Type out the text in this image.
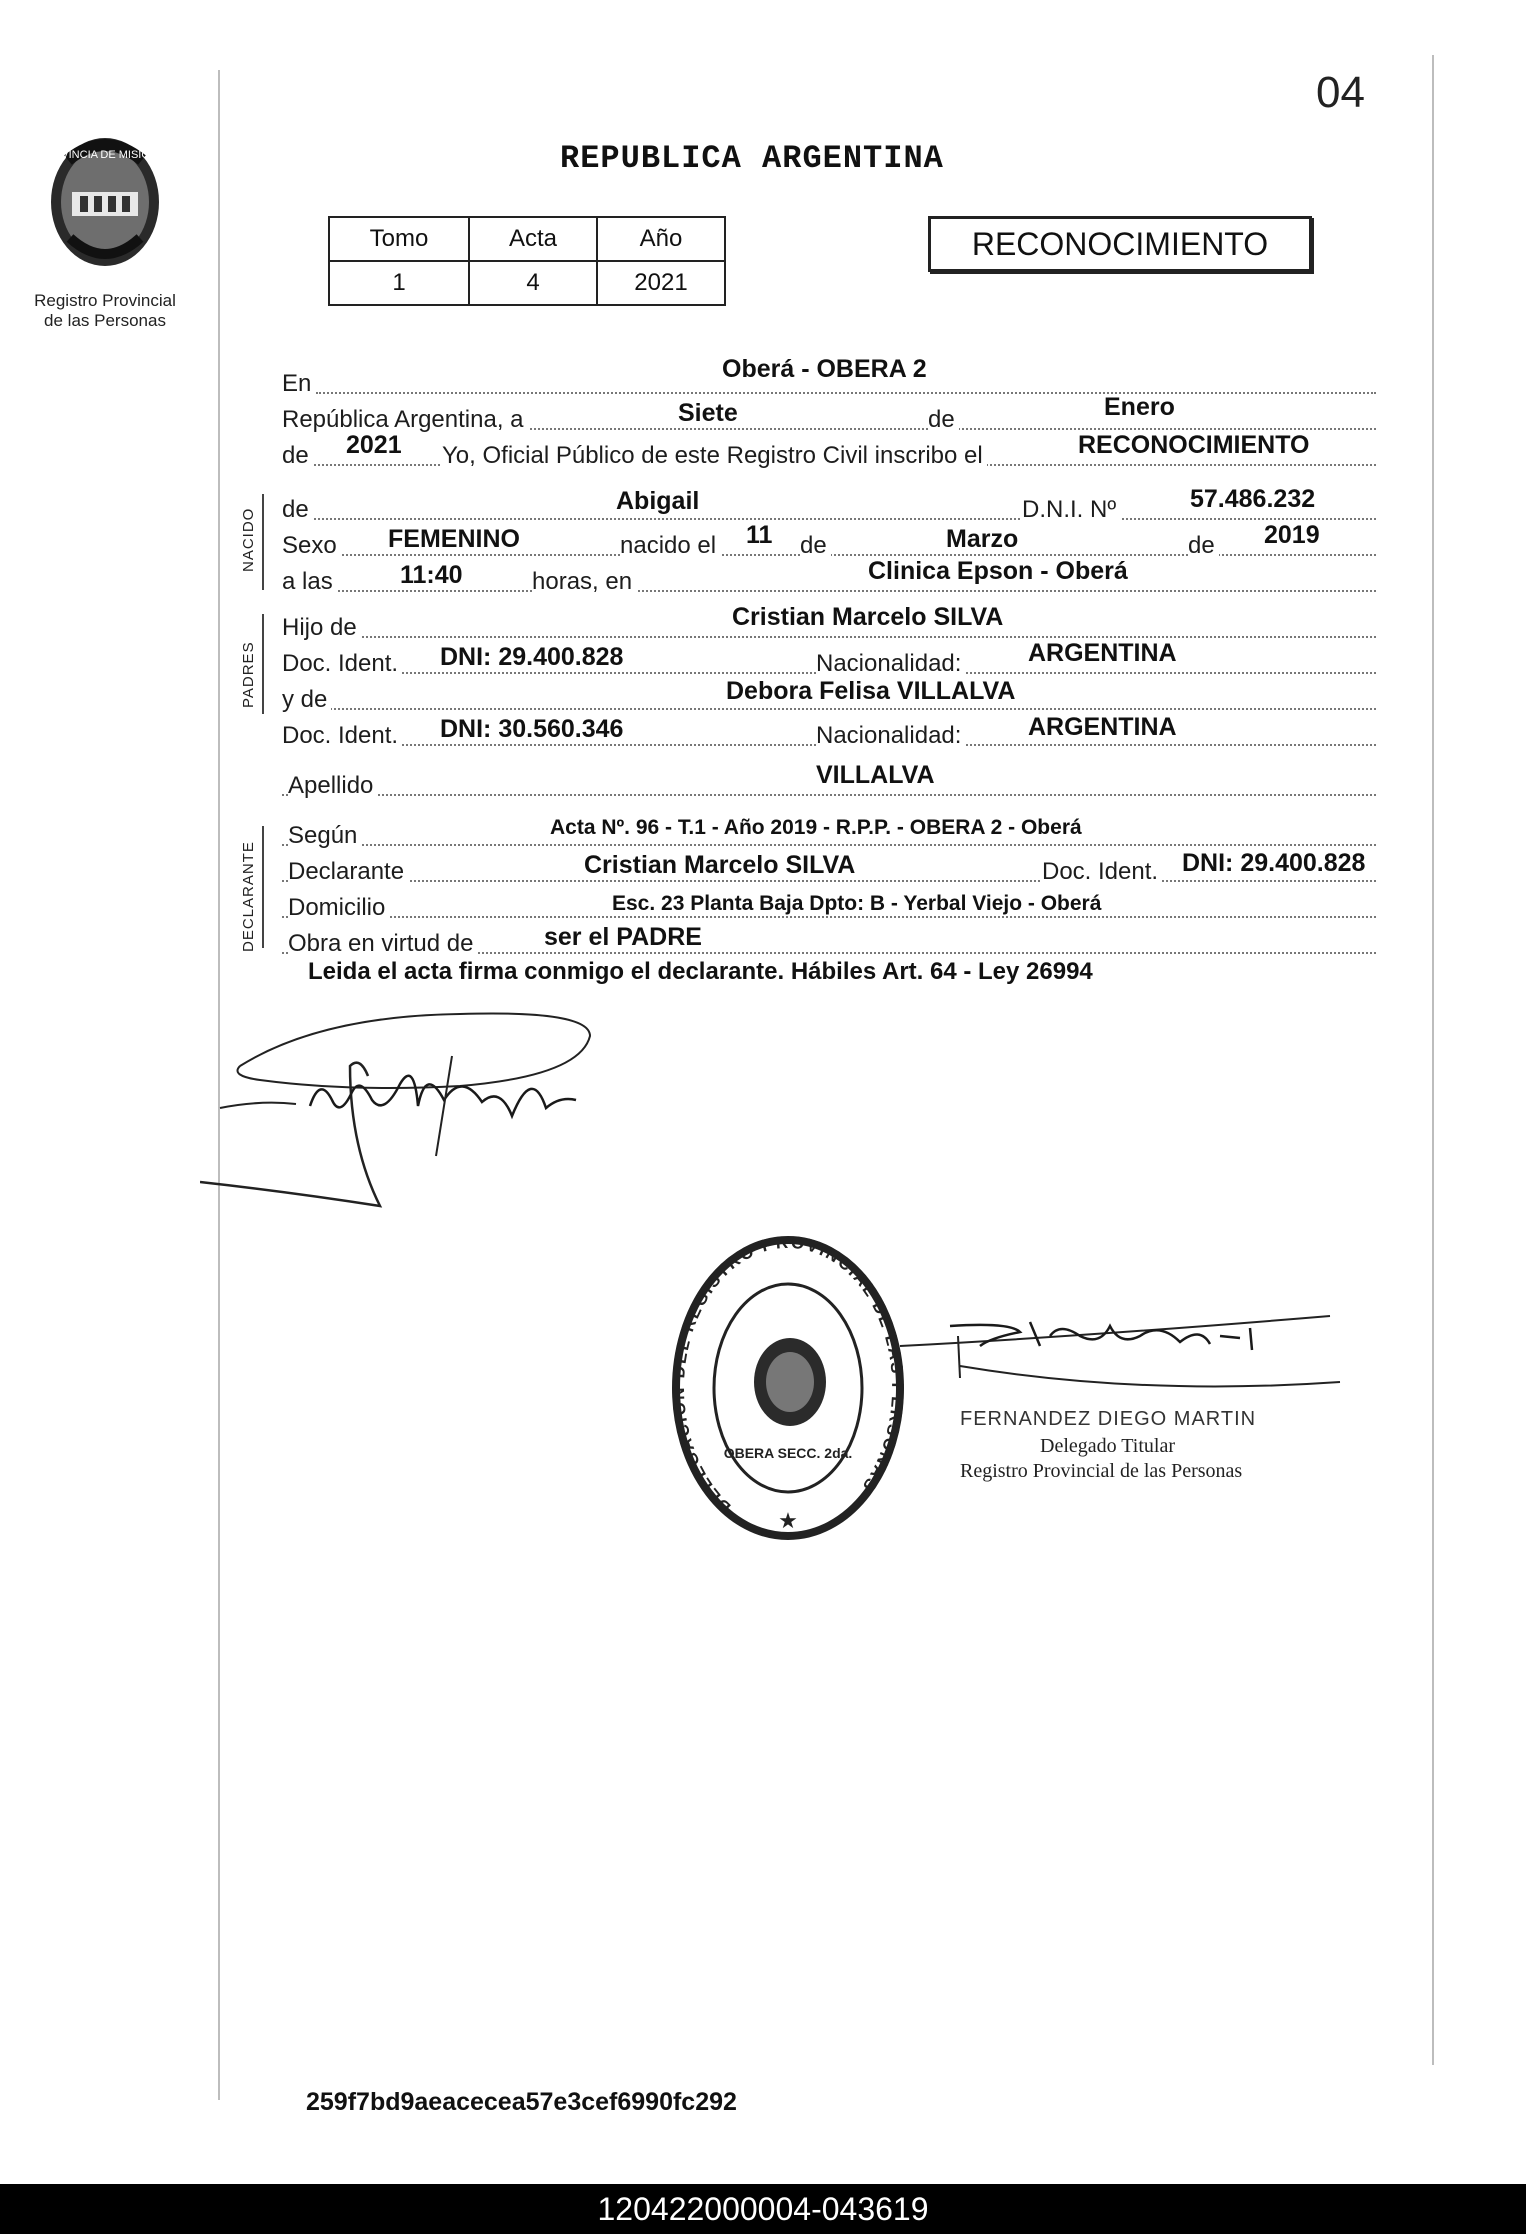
PROVINCIA DE MISIONES
Registro Provincial
de las Personas
04
REPUBLICA ARGENTINA
Tomo	Acta	Año
1	4	2021
RECONOCIMIENTO
En
Oberá - OBERA 2
República Argentina, a	Siete	de	Enero
de 2021 Yo, Oficial Público de este Registro Civil inscribo el	RECONOCIMIENTO
NACIDO de	Abigail	D.N.I. Nº	57.486.232
Sexo FEMENINO	nacido el 11 de	Marzo	de 2019
a las	11:40	horas, en	Clinica Epson - Oberá
PADRES
Hijo de	Cristian Marcelo SILVA
Doc. Ident. DNI: 29.400.828	Nacionalidad:	ARGENTINA
y de	Debora Felisa VILLALVA
Doc. Ident. DNI: 30.560.346	Nacionalidad:	ARGENTINA
Apellido	VILLALVA
DECLARANTE
Según	Acta Nº. 96 - T.1 - Año 2019 - R.P.P. - OBERA 2 - Oberá
Declarante	Cristian Marcelo SILVA	Doc. Ident. DNI: 29.400.828
Domicilio	Esc. 23 Planta Baja Dpto: B - Yerbal Viejo - Oberá
Obra en virtud de	ser el PADRE
Leida el acta firma conmigo el declarante. Hábiles Art. 64 - Ley 26994
DELEGACION DEL REGISTRO PROVINCIAL DE LAS PERSONAS
OBERA SECC. 2da.
★
FERNANDEZ DIEGO MARTIN
Delegado Titular
Registro Provincial de las Personas
259f7bd9aeacecea57e3cef6990fc292
120422000004-043619
